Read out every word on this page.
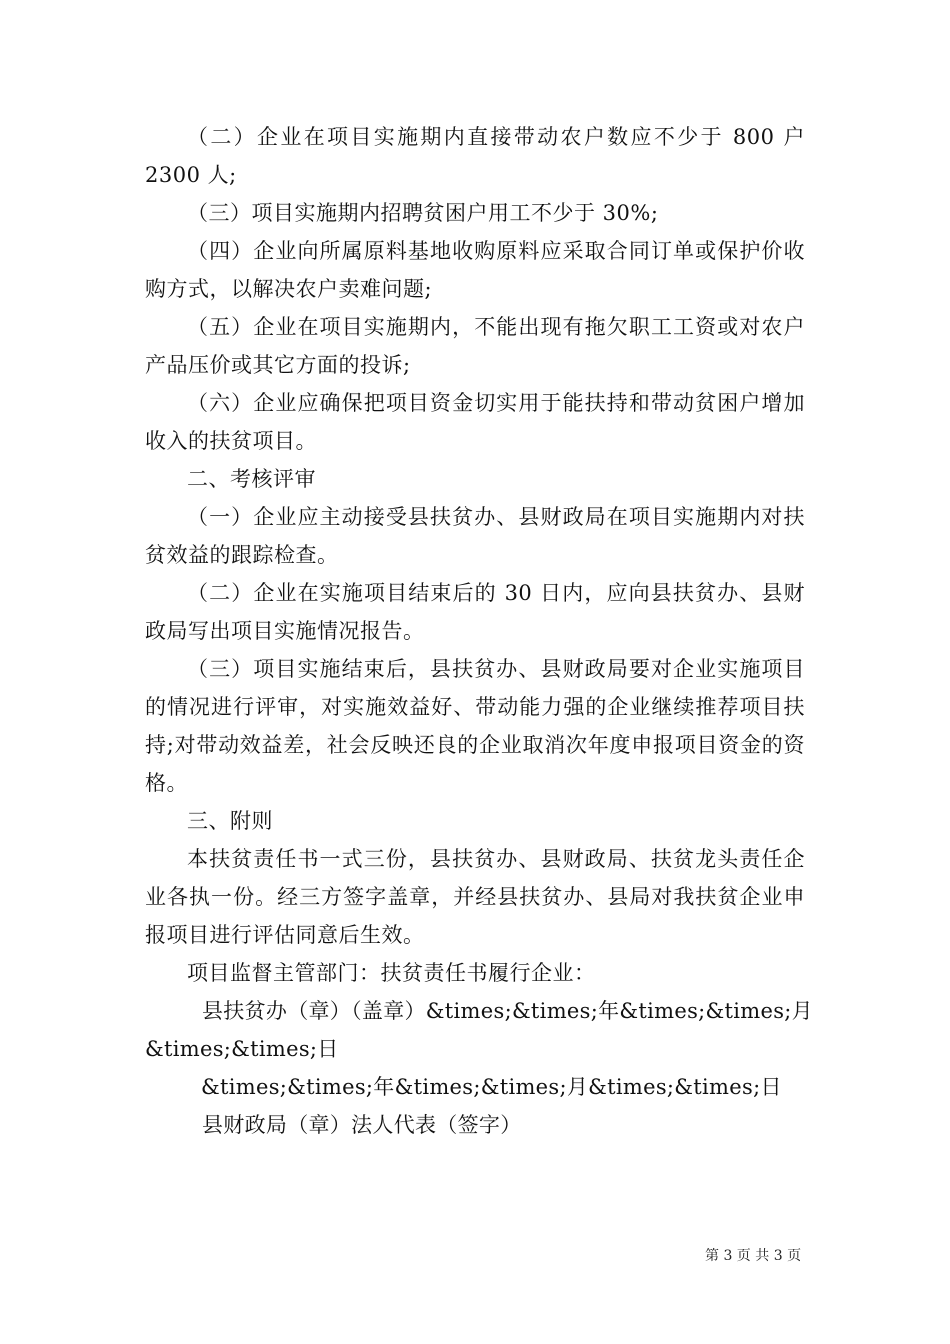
（二）企业在项目实施期内直接带动农户数应不少于 800 户 2300 人;

（三）项目实施期内招聘贫困户用工不少于 30%;

（四）企业向所属原料基地收购原料应采取合同订单或保护价收购方式，以解决农户卖难问题;

（五）企业在项目实施期内，不能出现有拖欠职工工资或对农户产品压价或其它方面的投诉;

（六）企业应确保把项目资金切实用于能扶持和带动贫困户增加收入的扶贫项目。

二、考核评审

（一）企业应主动接受县扶贫办、县财政局在项目实施期内对扶贫效益的跟踪检查。

（二）企业在实施项目结束后的 30 日内，应向县扶贫办、县财政局写出项目实施情况报告。

（三）项目实施结束后，县扶贫办、县财政局要对企业实施项目的情况进行评审，对实施效益好、带动能力强的企业继续推荐项目扶持;对带动效益差，社会反映还良的企业取消次年度申报项目资金的资格。

三、附则

本扶贫责任书一式三份，县扶贫办、县财政局、扶贫龙头责任企业各执一份。经三方签字盖章，并经县扶贫办、县局对我扶贫企业申报项目进行评估同意后生效。

项目监督主管部门：扶贫责任书履行企业：

县扶贫办（章）（盖章）&times;&times;年&times;&times;月
&times;&times;日
&times;&times;年&times;&times;月&times;&times;日
县财政局（章）法人代表（签字）
第 3 页 共 3 页
